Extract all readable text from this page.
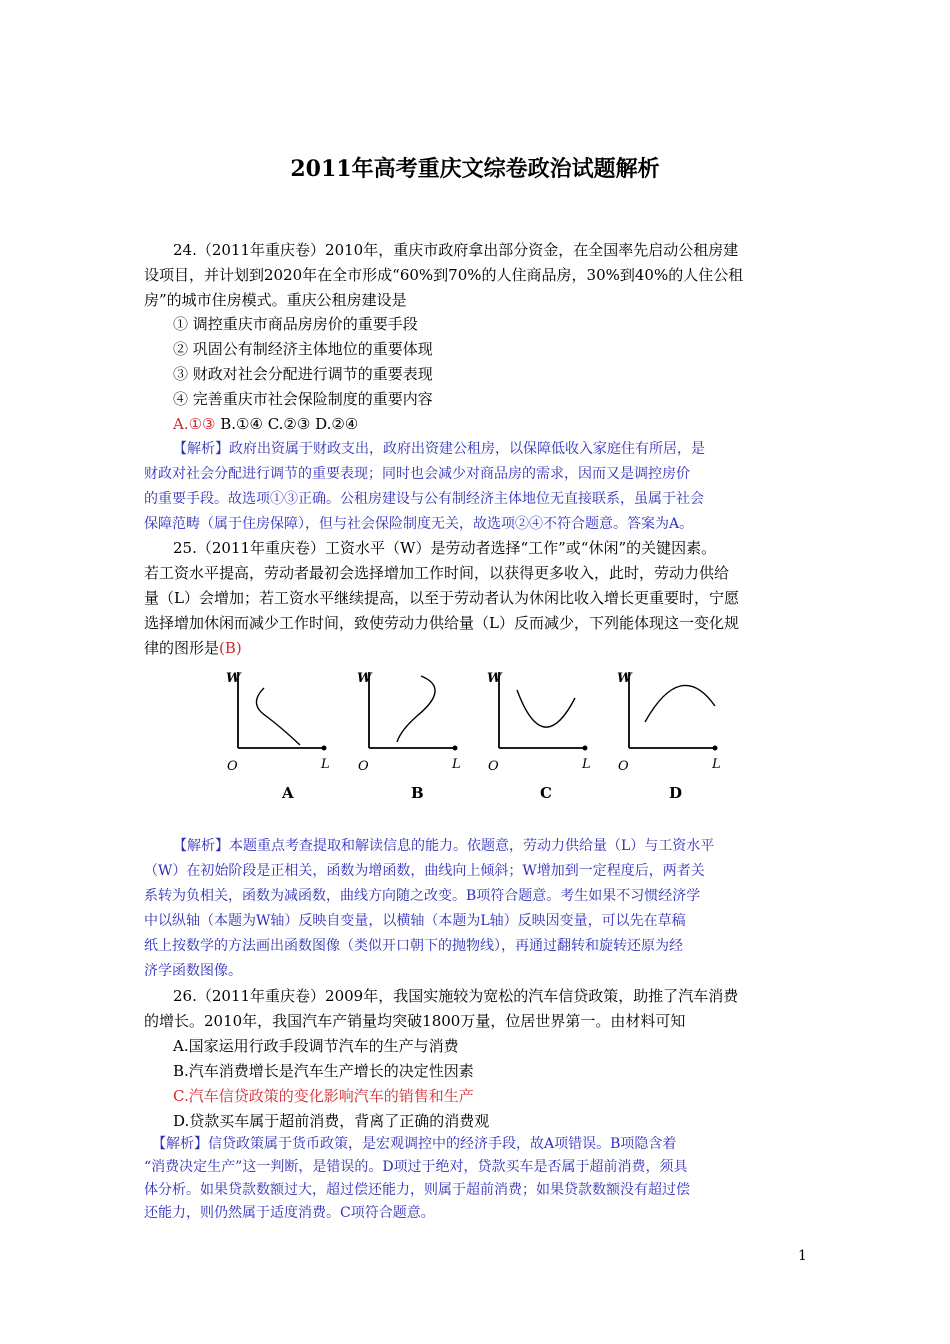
2011年高考重庆文综卷政治试题解析
24.（2011年重庆卷）2010年，重庆市政府拿出部分资金，在全国率先启动公租房建
设项目，并计划到2020年在全市形成“60%到70%的人住商品房，30%到40%的人住公租
房”的城市住房模式。重庆公租房建设是
① 调控重庆市商品房房价的重要手段
② 巩固公有制经济主体地位的重要体现
③ 财政对社会分配进行调节的重要表现
④ 完善重庆市社会保险制度的重要内容
A.①③ B.①④ C.②③ D.②④
【解析】政府出资属于财政支出，政府出资建公租房，以保障低收入家庭住有所居，是
财政对社会分配进行调节的重要表现；同时也会减少对商品房的需求，因而又是调控房价
的重要手段。故选项①③正确。公租房建设与公有制经济主体地位无直接联系，虽属于社会
保障范畴（属于住房保障），但与社会保险制度无关，故选项②④不符合题意。答案为A。
25.（2011年重庆卷）工资水平（W）是劳动者选择“工作”或“休闲”的关键因素。
若工资水平提高，劳动者最初会选择增加工作时间，以获得更多收入，此时，劳动力供给
量（L）会增加；若工资水平继续提高，以至于劳动者认为休闲比收入增长更重要时，宁愿
选择增加休闲而减少工作时间，致使劳动力供给量（L）反而减少，下列能体现这一变化规
律的图形是(B)
W
O	L
A
W
O	L
B
W
O	L
C
W
O	L
D
【解析】本题重点考查提取和解读信息的能力。依题意，劳动力供给量（L）与工资水平
（W）在初始阶段是正相关，函数为增函数，曲线向上倾斜；W增加到一定程度后，两者关
系转为负相关，函数为减函数，曲线方向随之改变。B项符合题意。考生如果不习惯经济学
中以纵轴（本题为W轴）反映自变量，以横轴（本题为L轴）反映因变量，可以先在草稿
纸上按数学的方法画出函数图像（类似开口朝下的抛物线），再通过翻转和旋转还原为经
济学函数图像。
26.（2011年重庆卷）2009年，我国实施较为宽松的汽车信贷政策，助推了汽车消费
的增长。2010年，我国汽车产销量均突破1800万量，位居世界第一。由材料可知
A.国家运用行政手段调节汽车的生产与消费
B.汽车消费增长是汽车生产增长的决定性因素
C.汽车信贷政策的变化影响汽车的销售和生产
D.贷款买车属于超前消费，背离了正确的消费观
【解析】信贷政策属于货币政策，是宏观调控中的经济手段，故A项错误。B项隐含着
“消费决定生产”这一判断，是错误的。D项过于绝对，贷款买车是否属于超前消费，须具
体分析。如果贷款数额过大，超过偿还能力，则属于超前消费；如果贷款数额没有超过偿
还能力，则仍然属于适度消费。C项符合题意。
1
